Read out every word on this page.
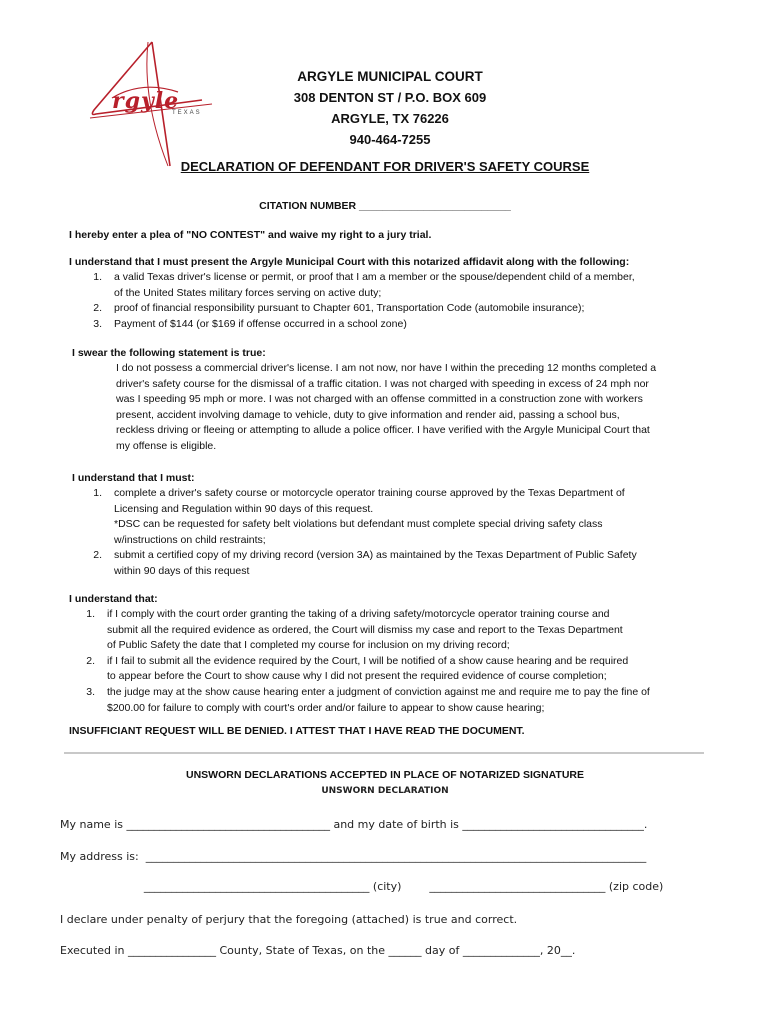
rgyle
TEXAS
ARGYLE MUNICIPAL COURT
308 DENTON ST / P.O. BOX 609
ARGYLE, TX 76226
940-464-7255
DECLARATION OF DEFENDANT FOR DRIVER'S SAFETY COURSE
CITATION NUMBER __________________________
I hereby enter a plea of "NO CONTEST" and waive my right to a jury trial.
I understand that I must present the Argyle Municipal Court with this notarized affidavit along with the following:
1. a valid Texas driver's license or permit, or proof that I am a member or the spouse/dependent child of a member,
of the United States military forces serving on active duty;
2. proof of financial responsibility pursuant to Chapter 601, Transportation Code (automobile insurance);
3. Payment of $144 (or $169 if offense occurred in a school zone)
I swear the following statement is true:
I do not possess a commercial driver's license. I am not now, nor have I within the preceding 12 months completed a
driver's safety course for the dismissal of a traffic citation. I was not charged with speeding in excess of 24 mph nor
was I speeding 95 mph or more. I was not charged with an offense committed in a construction zone with workers
present, accident involving damage to vehicle, duty to give information and render aid, passing a school bus,
reckless driving or fleeing or attempting to allude a police officer. I have verified with the Argyle Municipal Court that
my offense is eligible.
I understand that I must:
1. complete a driver's safety course or motorcycle operator training course approved by the Texas Department of
Licensing and Regulation within 90 days of this request.
*DSC can be requested for safety belt violations but defendant must complete special driving safety class
w/instructions on child restraints;
2. submit a certified copy of my driving record (version 3A) as maintained by the Texas Department of Public Safety
within 90 days of this request
I understand that:
1. if I comply with the court order granting the taking of a driving safety/motorcycle operator training course and
submit all the required evidence as ordered, the Court will dismiss my case and report to the Texas Department
of Public Safety the date that I completed my course for inclusion on my driving record;
2. if I fail to submit all the evidence required by the Court, I will be notified of a show cause hearing and be required
to appear before the Court to show cause why I did not present the required evidence of course completion;
3. the judge may at the show cause hearing enter a judgment of conviction against me and require me to pay the fine of
$200.00 for failure to comply with court's order and/or failure to appear to show cause hearing;
INSUFFICIANT REQUEST WILL BE DENIED. I ATTEST THAT I HAVE READ THE DOCUMENT.
UNSWORN DECLARATIONS ACCEPTED IN PLACE OF NOTARIZED SIGNATURE
UNSWORN DECLARATION
My name is _____________________________________ and my date of birth is _________________________________.
My address is:  ___________________________________________________________________________________________
_________________________________________ (city)        ________________________________ (zip code)
I declare under penalty of perjury that the foregoing (attached) is true and correct.
Executed in ________________ County, State of Texas, on the ______ day of ______________, 20__.
